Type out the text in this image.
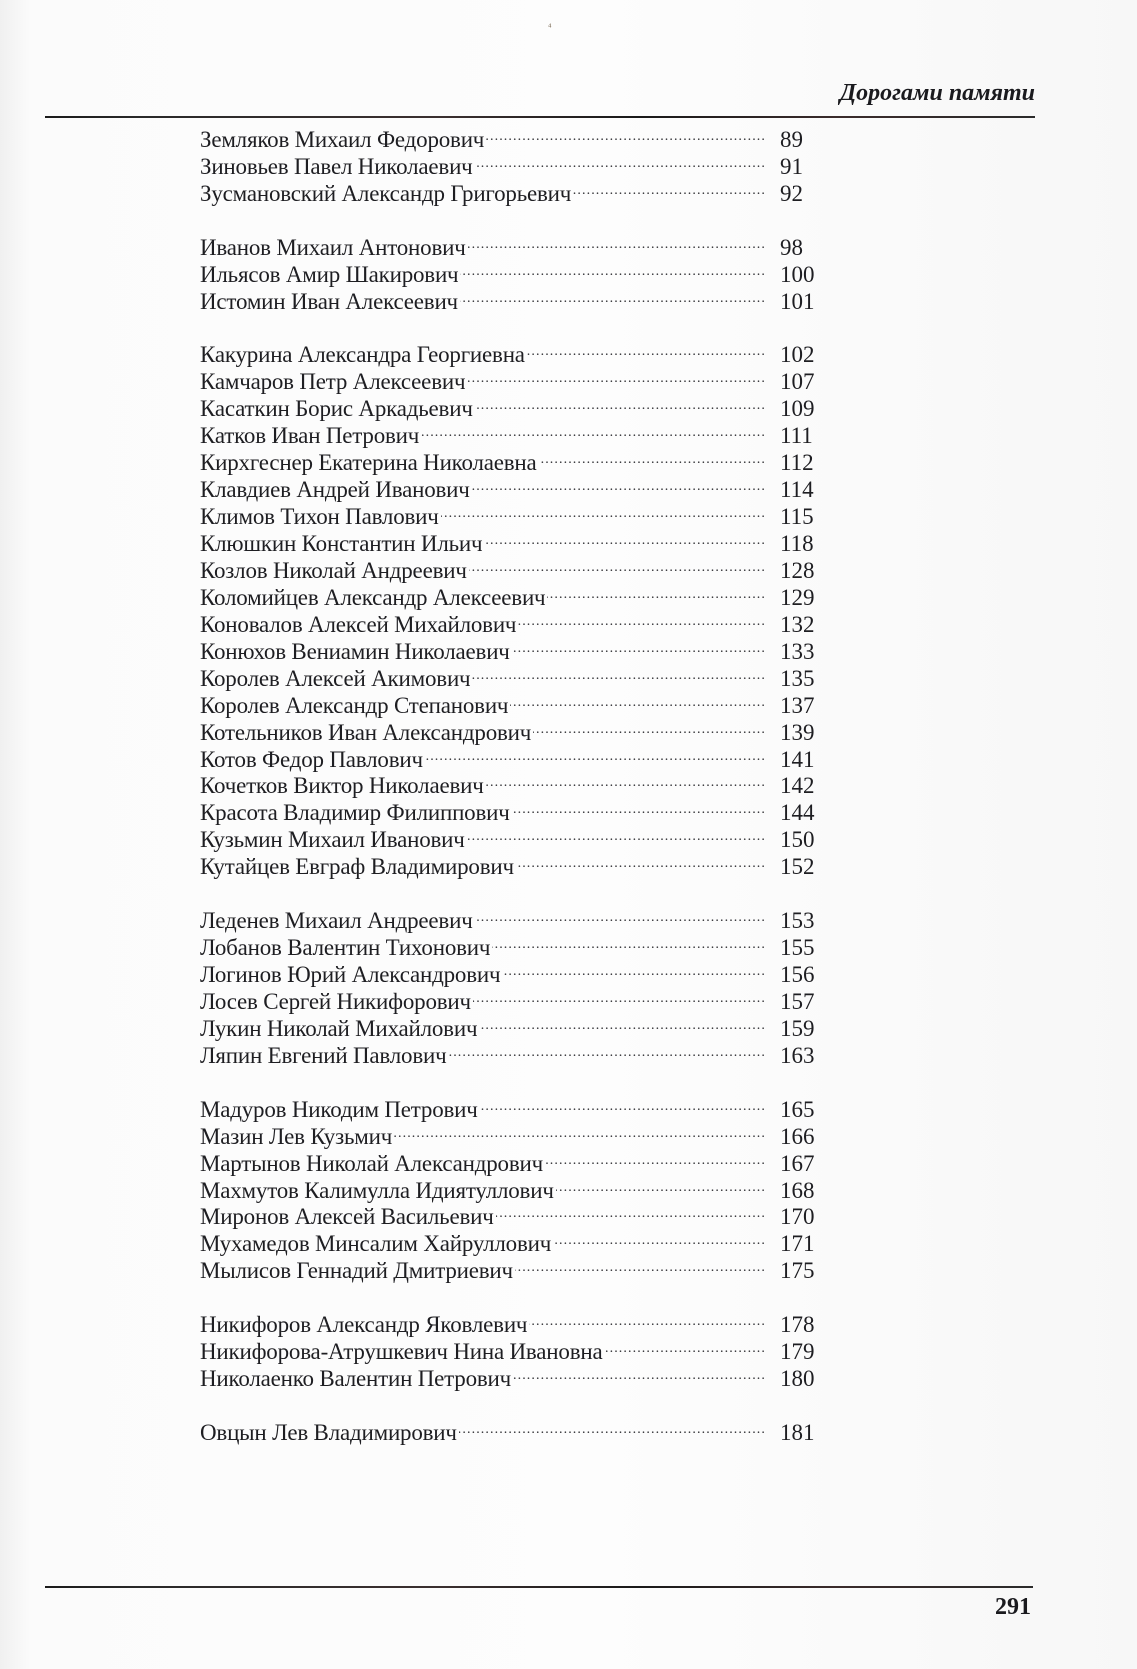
⁴
Дорогами памяти
Земляков Михаил Федорович .....	89
Зиновьев Павел Николаевич .....	91
Зусмановский Александр Григорьевич .....	92
Иванов Михаил Антонович .....	98
Ильясов Амир Шакирович .....	100
Истомин Иван Алексеевич .....	101
Какурина Александра Георгиевна .....	102
Камчаров Петр Алексеевич .....	107
Касаткин Борис Аркадьевич .....	109
Катков Иван Петрович .....	111
Кирхгеснер Екатерина Николаевна .....	112
Клавдиев Андрей Иванович .....	114
Климов Тихон Павлович .....	115
Клюшкин Константин Ильич .....	118
Козлов Николай Андреевич .....	128
Коломийцев Александр Алексеевич .....	129
Коновалов Алексей Михайлович .....	132
Конюхов Вениамин Николаевич .....	133
Королев Алексей Акимович .....	135
Королев Александр Степанович .....	137
Котельников Иван Александрович .....	139
Котов Федор Павлович .....	141
Кочетков Виктор Николаевич .....	142
Красота Владимир Филиппович .....	144
Кузьмин Михаил Иванович .....	150
Кутайцев Евграф Владимирович .....	152
Леденев Михаил Андреевич .....	153
Лобанов Валентин Тихонович .....	155
Логинов Юрий Александрович .....	156
Лосев Сергей Никифорович .....	157
Лукин Николай Михайлович .....	159
Ляпин Евгений Павлович .....	163
Мадуров Никодим Петрович .....	165
Мазин Лев Кузьмич .....	166
Мартынов Николай Александрович .....	167
Махмутов Калимулла Идиятуллович .....	168
Миронов Алексей Васильевич .....	170
Мухамедов Минсалим Хайруллович .....	171
Мылисов Геннадий Дмитриевич .....	175
Никифоров Александр Яковлевич .....	178
Никифорова-Атрушкевич Нина Ивановна .....	179
Николаенко Валентин Петрович .....	180
Овцын Лев Владимирович .....	181
291
